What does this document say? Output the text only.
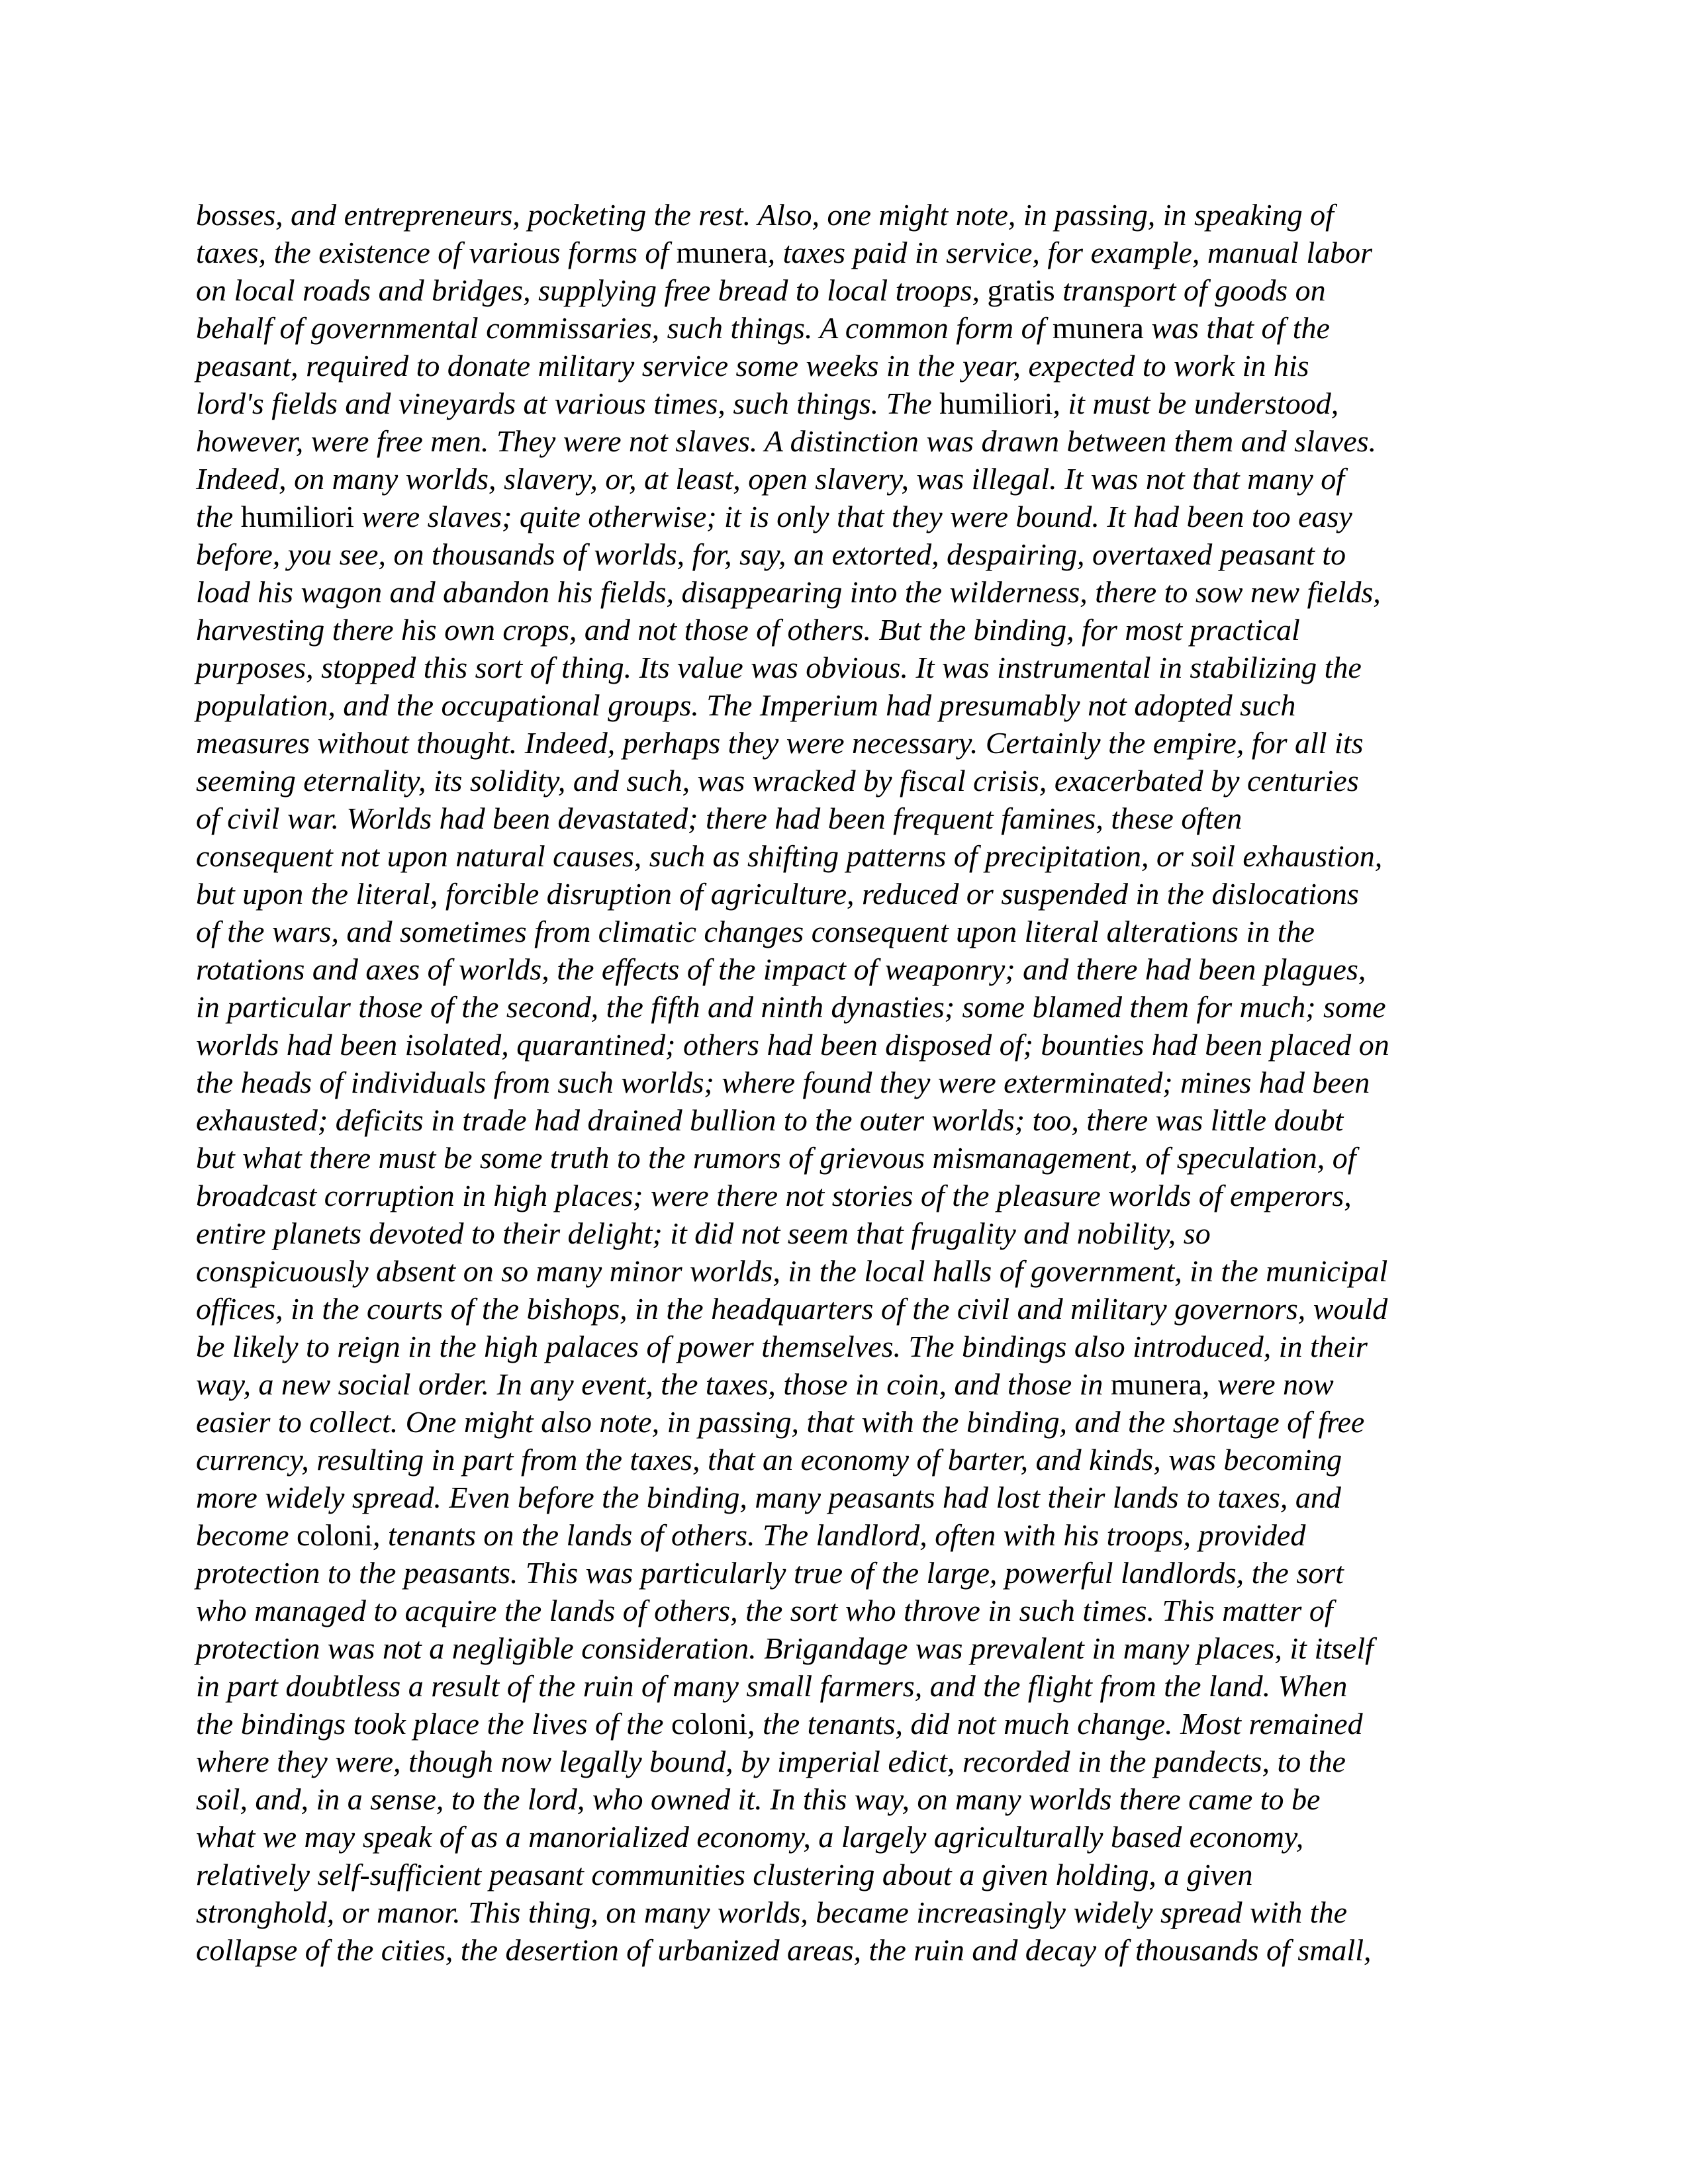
bosses, and entrepreneurs, pocketing the rest. Also, one might note, in passing, in speaking of
taxes, the existence of various forms of munera, taxes paid in service, for example, manual labor
on local roads and bridges, supplying free bread to local troops, gratis transport of goods on
behalf of governmental commissaries, such things. A common form of munera was that of the
peasant, required to donate military service some weeks in the year, expected to work in his
lord's fields and vineyards at various times, such things. The humiliori, it must be understood,
however, were free men. They were not slaves. A distinction was drawn between them and slaves.
Indeed, on many worlds, slavery, or, at least, open slavery, was illegal. It was not that many of
the humiliori were slaves; quite otherwise; it is only that they were bound. It had been too easy
before, you see, on thousands of worlds, for, say, an extorted, despairing, overtaxed peasant to
load his wagon and abandon his fields, disappearing into the wilderness, there to sow new fields,
harvesting there his own crops, and not those of others. But the binding, for most practical
purposes, stopped this sort of thing. Its value was obvious. It was instrumental in stabilizing the
population, and the occupational groups. The Imperium had presumably not adopted such
measures without thought. Indeed, perhaps they were necessary. Certainly the empire, for all its
seeming eternality, its solidity, and such, was wracked by fiscal crisis, exacerbated by centuries
of civil war. Worlds had been devastated; there had been frequent famines, these often
consequent not upon natural causes, such as shifting patterns of precipitation, or soil exhaustion,
but upon the literal, forcible disruption of agriculture, reduced or suspended in the dislocations
of the wars, and sometimes from climatic changes consequent upon literal alterations in the
rotations and axes of worlds, the effects of the impact of weaponry; and there had been plagues,
in particular those of the second, the fifth and ninth dynasties; some blamed them for much; some
worlds had been isolated, quarantined; others had been disposed of; bounties had been placed on
the heads of individuals from such worlds; where found they were exterminated; mines had been
exhausted; deficits in trade had drained bullion to the outer worlds; too, there was little doubt
but what there must be some truth to the rumors of grievous mismanagement, of speculation, of
broadcast corruption in high places; were there not stories of the pleasure worlds of emperors,
entire planets devoted to their delight; it did not seem that frugality and nobility, so
conspicuously absent on so many minor worlds, in the local halls of government, in the municipal
offices, in the courts of the bishops, in the headquarters of the civil and military governors, would
be likely to reign in the high palaces of power themselves. The bindings also introduced, in their
way, a new social order. In any event, the taxes, those in coin, and those in munera, were now
easier to collect. One might also note, in passing, that with the binding, and the shortage of free
currency, resulting in part from the taxes, that an economy of barter, and kinds, was becoming
more widely spread. Even before the binding, many peasants had lost their lands to taxes, and
become coloni, tenants on the lands of others. The landlord, often with his troops, provided
protection to the peasants. This was particularly true of the large, powerful landlords, the sort
who managed to acquire the lands of others, the sort who throve in such times. This matter of
protection was not a negligible consideration. Brigandage was prevalent in many places, it itself
in part doubtless a result of the ruin of many small farmers, and the flight from the land. When
the bindings took place the lives of the coloni, the tenants, did not much change. Most remained
where they were, though now legally bound, by imperial edict, recorded in the pandects, to the
soil, and, in a sense, to the lord, who owned it. In this way, on many worlds there came to be
what we may speak of as a manorialized economy, a largely agriculturally based economy,
relatively self-sufficient peasant communities clustering about a given holding, a given
stronghold, or manor. This thing, on many worlds, became increasingly widely spread with the
collapse of the cities, the desertion of urbanized areas, the ruin and decay of thousands of small,
